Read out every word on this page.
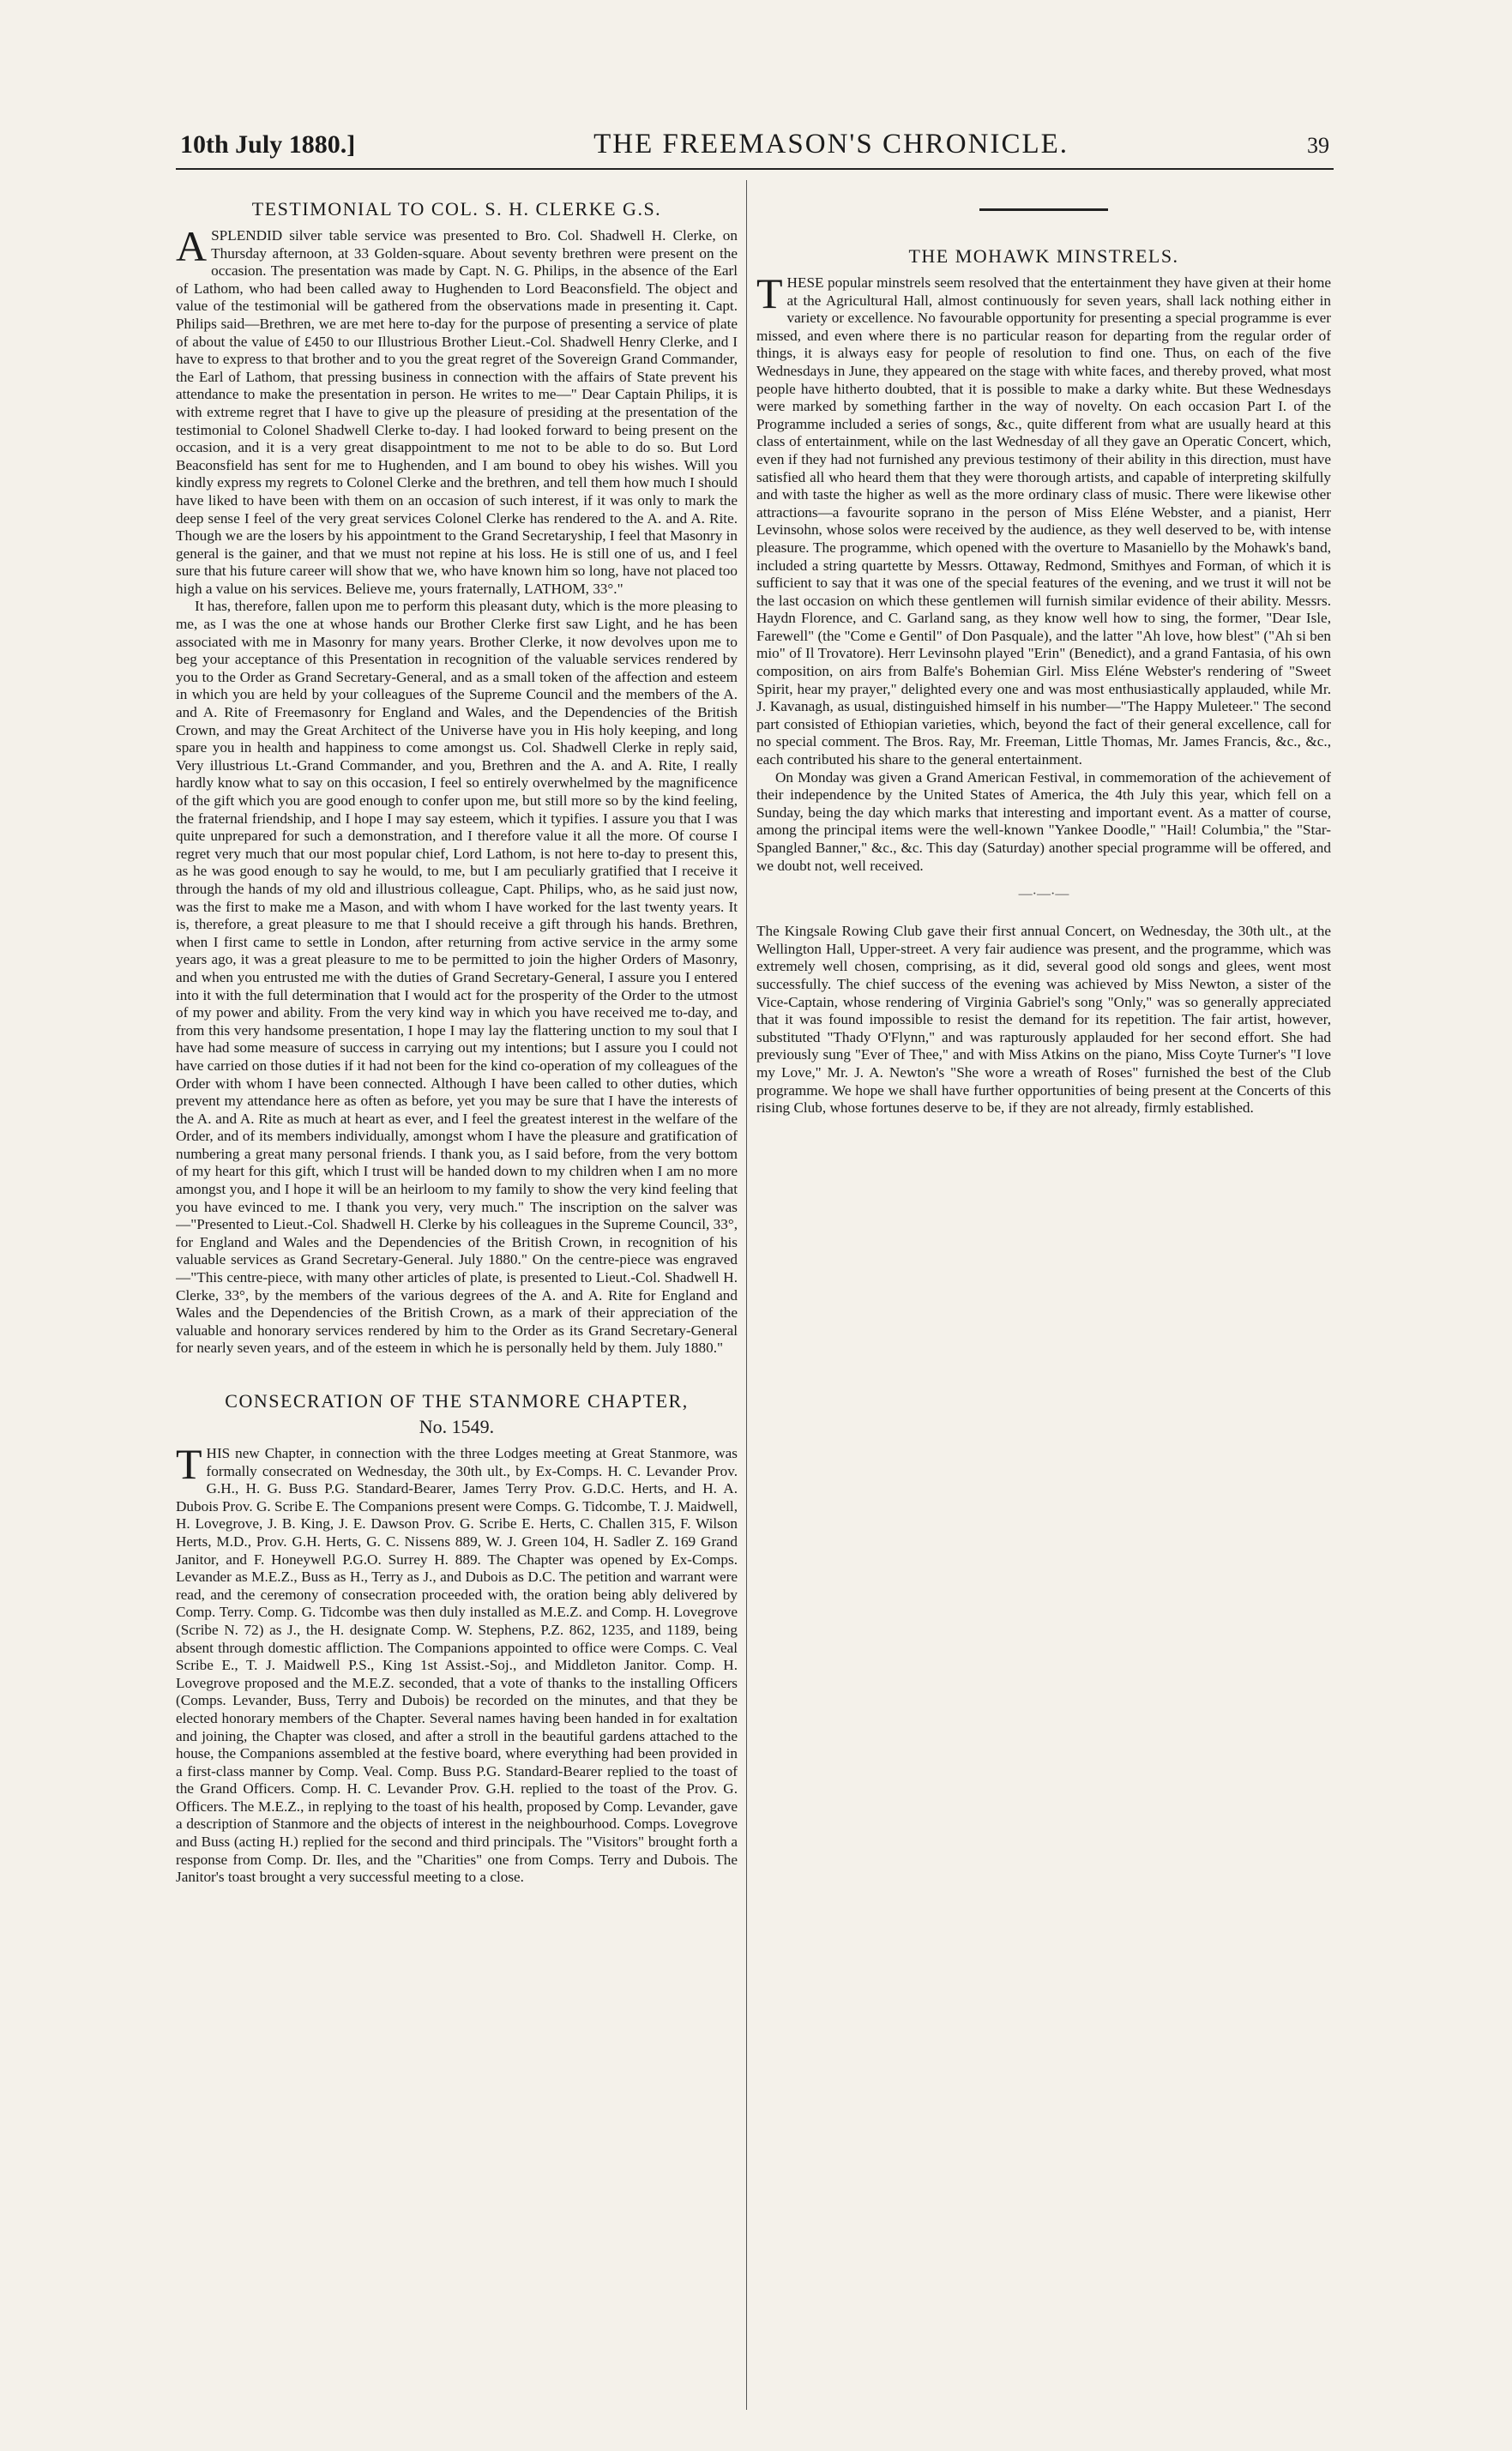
10th July 1880.]	THE FREEMASON'S CHRONICLE.	39
TESTIMONIAL TO COL. S. H. CLERKE G.S.

ASPLENDID silver table service was presented to Bro. Col. Shadwell H. Clerke, on Thursday afternoon, at 33 Golden-square. About seventy brethren were present on the occasion. The presentation was made by Capt. N. G. Philips, in the absence of the Earl of Lathom, who had been called away to Hughenden to Lord Beaconsfield. The object and value of the testimonial will be gathered from the observations made in presenting it. Capt. Philips said—Brethren, we are met here to-day for the purpose of presenting a service of plate of about the value of £450 to our Illustrious Brother Lieut.-Col. Shadwell Henry Clerke, and I have to express to that brother and to you the great regret of the Sovereign Grand Commander, the Earl of Lathom, that pressing business in connection with the affairs of State prevent his attendance to make the presentation in person. He writes to me—" Dear Captain Philips, it is with extreme regret that I have to give up the pleasure of presiding at the presentation of the testimonial to Colonel Shadwell Clerke to-day. I had looked forward to being present on the occasion, and it is a very great disappointment to me not to be able to do so. But Lord Beaconsfield has sent for me to Hughenden, and I am bound to obey his wishes. Will you kindly express my regrets to Colonel Clerke and the brethren, and tell them how much I should have liked to have been with them on an occasion of such interest, if it was only to mark the deep sense I feel of the very great services Colonel Clerke has rendered to the A. and A. Rite. Though we are the losers by his appointment to the Grand Secretaryship, I feel that Masonry in general is the gainer, and that we must not repine at his loss. He is still one of us, and I feel sure that his future career will show that we, who have known him so long, have not placed too high a value on his services. Believe me, yours fraternally, LATHOM, 33°."

It has, therefore, fallen upon me to perform this pleasant duty, which is the more pleasing to me, as I was the one at whose hands our Brother Clerke first saw Light, and he has been associated with me in Masonry for many years. Brother Clerke, it now devolves upon me to beg your acceptance of this Presentation in recognition of the valuable services rendered by you to the Order as Grand Secretary-General, and as a small token of the affection and esteem in which you are held by your colleagues of the Supreme Council and the members of the A. and A. Rite of Freemasonry for England and Wales, and the Dependencies of the British Crown, and may the Great Architect of the Universe have you in His holy keeping, and long spare you in health and happiness to come amongst us. Col. Shadwell Clerke in reply said, Very illustrious Lt.-Grand Commander, and you, Brethren and the A. and A. Rite, I really hardly know what to say on this occasion, I feel so entirely overwhelmed by the magnificence of the gift which you are good enough to confer upon me, but still more so by the kind feeling, the fraternal friendship, and I hope I may say esteem, which it typifies. I assure you that I was quite unprepared for such a demonstration, and I therefore value it all the more. Of course I regret very much that our most popular chief, Lord Lathom, is not here to-day to present this, as he was good enough to say he would, to me, but I am peculiarly gratified that I receive it through the hands of my old and illustrious colleague, Capt. Philips, who, as he said just now, was the first to make me a Mason, and with whom I have worked for the last twenty years. It is, therefore, a great pleasure to me that I should receive a gift through his hands. Brethren, when I first came to settle in London, after returning from active service in the army some years ago, it was a great pleasure to me to be permitted to join the higher Orders of Masonry, and when you entrusted me with the duties of Grand Secretary-General, I assure you I entered into it with the full determination that I would act for the prosperity of the Order to the utmost of my power and ability. From the very kind way in which you have received me to-day, and from this very handsome presentation, I hope I may lay the flattering unction to my soul that I have had some measure of success in carrying out my intentions; but I assure you I could not have carried on those duties if it had not been for the kind co-operation of my colleagues of the Order with whom I have been connected. Although I have been called to other duties, which prevent my attendance here as often as before, yet you may be sure that I have the interests of the A. and A. Rite as much at heart as ever, and I feel the greatest interest in the welfare of the Order, and of its members individually, amongst whom I have the pleasure and gratification of numbering a great many personal friends. I thank you, as I said before, from the very bottom of my heart for this gift, which I trust will be handed down to my children when I am no more amongst you, and I hope it will be an heirloom to my family to show the very kind feeling that you have evinced to me. I thank you very, very much." The inscription on the salver was—"Presented to Lieut.-Col. Shadwell H. Clerke by his colleagues in the Supreme Council, 33°, for England and Wales and the Dependencies of the British Crown, in recognition of his valuable services as Grand Secretary-General. July 1880." On the centre-piece was engraved—"This centre-piece, with many other articles of plate, is presented to Lieut.-Col. Shadwell H. Clerke, 33°, by the members of the various degrees of the A. and A. Rite for England and Wales and the Dependencies of the British Crown, as a mark of their appreciation of the valuable and honorary services rendered by him to the Order as its Grand Secretary-General for nearly seven years, and of the esteem in which he is personally held by them. July 1880."

CONSECRATION OF THE STANMORE CHAPTER,
No. 1549.

THIS new Chapter, in connection with the three Lodges meeting at Great Stanmore, was formally consecrated on Wednesday, the 30th ult., by Ex-Comps. H. C. Levander Prov. G.H., H. G. Buss P.G. Standard-Bearer, James Terry Prov. G.D.C. Herts, and H. A. Dubois Prov. G. Scribe E. The Companions present were Comps. G. Tidcombe, T. J. Maidwell, H. Lovegrove, J. B. King, J. E. Dawson Prov. G. Scribe E. Herts, C. Challen 315, F. Wilson Herts, M.D., Prov. G.H. Herts, G. C. Nissens 889, W. J. Green 104, H. Sadler Z. 169 Grand Janitor, and F. Honeywell P.G.O. Surrey H. 889. The Chapter was opened by Ex-Comps. Levander as M.E.Z., Buss as H., Terry as J., and Dubois as D.C. The petition and warrant were read, and the ceremony of consecration proceeded with, the oration being ably delivered by Comp. Terry. Comp. G. Tidcombe was then duly installed as M.E.Z. and Comp. H. Lovegrove (Scribe N. 72) as J., the H. designate Comp. W. Stephens, P.Z. 862, 1235, and 1189, being absent through domestic affliction. The Companions appointed to office were Comps. C. Veal Scribe E., T. J. Maidwell P.S., King 1st Assist.-Soj., and Middleton Janitor. Comp. H. Lovegrove proposed and the M.E.Z. seconded, that a vote of thanks to the installing Officers (Comps. Levander, Buss, Terry and Dubois) be recorded on the minutes, and that they be elected honorary members of the Chapter. Several names having been handed in for exaltation and joining, the Chapter was closed, and after a stroll in the beautiful gardens attached to the house, the Companions assembled at the festive board, where everything had been provided in a first-class manner by Comp. Veal. Comp. Buss P.G. Standard-Bearer replied to the toast of the Grand Officers. Comp. H. C. Levander Prov. G.H. replied to the toast of the Prov. G. Officers. The M.E.Z., in replying to the toast of his health, proposed by Comp. Levander, gave a description of Stanmore and the objects of interest in the neighbourhood. Comps. Lovegrove and Buss (acting H.) replied for the second and third principals. The "Visitors" brought forth a response from Comp. Dr. Iles, and the "Charities" one from Comps. Terry and Dubois. The Janitor's toast brought a very successful meeting to a close.

THE MOHAWK MINSTRELS.

THESE popular minstrels seem resolved that the entertainment they have given at their home at the Agricultural Hall, almost continuously for seven years, shall lack nothing either in variety or excellence. No favourable opportunity for presenting a special programme is ever missed, and even where there is no particular reason for departing from the regular order of things, it is always easy for people of resolution to find one. Thus, on each of the five Wednesdays in June, they appeared on the stage with white faces, and thereby proved, what most people have hitherto doubted, that it is possible to make a darky white. But these Wednesdays were marked by something farther in the way of novelty. On each occasion Part I. of the Programme included a series of songs, &c., quite different from what are usually heard at this class of entertainment, while on the last Wednesday of all they gave an Operatic Concert, which, even if they had not furnished any previous testimony of their ability in this direction, must have satisfied all who heard them that they were thorough artists, and capable of interpreting skilfully and with taste the higher as well as the more ordinary class of music. There were likewise other attractions—a favourite soprano in the person of Miss Eléne Webster, and a pianist, Herr Levinsohn, whose solos were received by the audience, as they well deserved to be, with intense pleasure. The programme, which opened with the overture to Masaniello by the Mohawk's band, included a string quartette by Messrs. Ottaway, Redmond, Smithyes and Forman, of which it is sufficient to say that it was one of the special features of the evening, and we trust it will not be the last occasion on which these gentlemen will furnish similar evidence of their ability. Messrs. Haydn Florence, and C. Garland sang, as they know well how to sing, the former, "Dear Isle, Farewell" (the "Come e Gentil" of Don Pasquale), and the latter "Ah love, how blest" ("Ah si ben mio" of Il Trovatore). Herr Levinsohn played "Erin" (Benedict), and a grand Fantasia, of his own composition, on airs from Balfe's Bohemian Girl. Miss Eléne Webster's rendering of "Sweet Spirit, hear my prayer," delighted every one and was most enthusiastically applauded, while Mr. J. Kavanagh, as usual, distinguished himself in his number—"The Happy Muleteer." The second part consisted of Ethiopian varieties, which, beyond the fact of their general excellence, call for no special comment. The Bros. Ray, Mr. Freeman, Little Thomas, Mr. James Francis, &c., &c., each contributed his share to the general entertainment.

On Monday was given a Grand American Festival, in commemoration of the achievement of their independence by the United States of America, the 4th July this year, which fell on a Sunday, being the day which marks that interesting and important event. As a matter of course, among the principal items were the well-known "Yankee Doodle," "Hail! Columbia," the "Star-Spangled Banner," &c., &c. This day (Saturday) another special programme will be offered, and we doubt not, well received.

—·—·—

The Kingsale Rowing Club gave their first annual Concert, on Wednesday, the 30th ult., at the Wellington Hall, Upper-street. A very fair audience was present, and the programme, which was extremely well chosen, comprising, as it did, several good old songs and glees, went most successfully. The chief success of the evening was achieved by Miss Newton, a sister of the Vice-Captain, whose rendering of Virginia Gabriel's song "Only," was so generally appreciated that it was found impossible to resist the demand for its repetition. The fair artist, however, substituted "Thady O'Flynn," and was rapturously applauded for her second effort. She had previously sung "Ever of Thee," and with Miss Atkins on the piano, Miss Coyte Turner's "I love my Love," Mr. J. A. Newton's "She wore a wreath of Roses" furnished the best of the Club programme. We hope we shall have further opportunities of being present at the Concerts of this rising Club, whose fortunes deserve to be, if they are not already, firmly established.
